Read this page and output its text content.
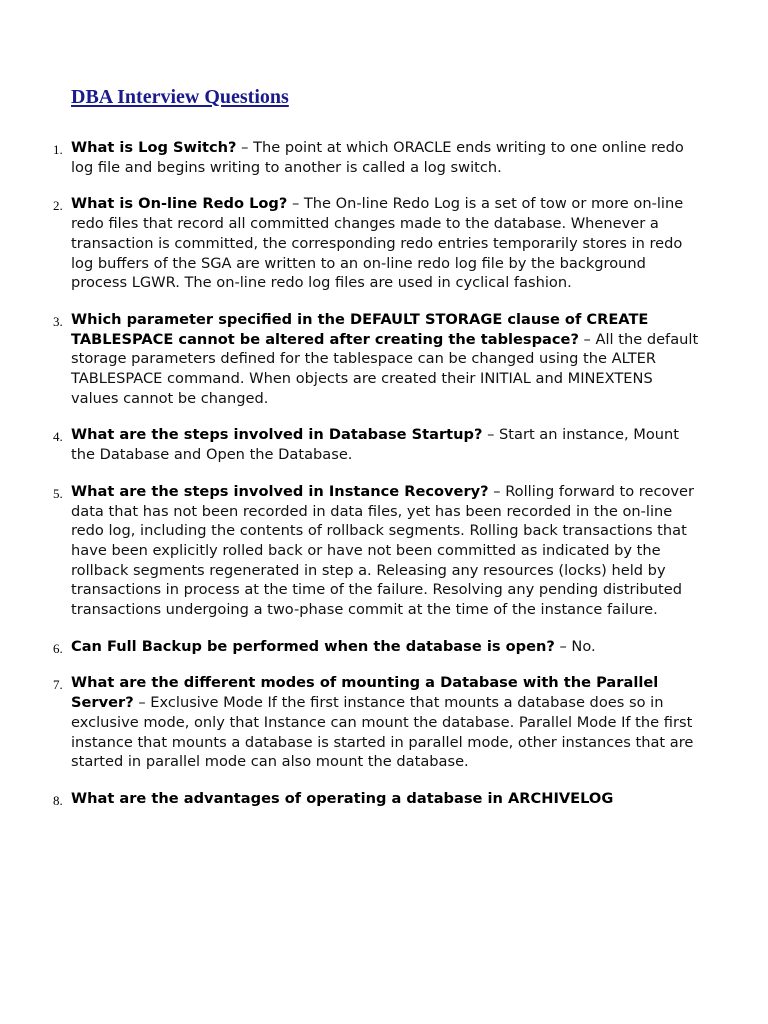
DBA Interview Questions
1. What is Log Switch? – The point at which ORACLE ends writing to one online redo log file and begins writing to another is called a log switch.

2. What is On-line Redo Log? – The On-line Redo Log is a set of tow or more on-line redo files that record all committed changes made to the database. Whenever a transaction is committed, the corresponding redo entries temporarily stores in redo log buffers of the SGA are written to an on-line redo log file by the background process LGWR. The on-line redo log files are used in cyclical fashion.

3. Which parameter specified in the DEFAULT STORAGE clause of CREATE TABLESPACE cannot be altered after creating the tablespace? – All the default storage parameters defined for the tablespace can be changed using the ALTER TABLESPACE command. When objects are created their INITIAL and MINEXTENS values cannot be changed.

4. What are the steps involved in Database Startup? – Start an instance, Mount the Database and Open the Database.

5. What are the steps involved in Instance Recovery? – Rolling forward to recover data that has not been recorded in data files, yet has been recorded in the on-line redo log, including the contents of rollback segments. Rolling back transactions that have been explicitly rolled back or have not been committed as indicated by the rollback segments regenerated in step a. Releasing any resources (locks) held by transactions in process at the time of the failure. Resolving any pending distributed transactions undergoing a two-phase commit at the time of the instance failure.

6. Can Full Backup be performed when the database is open? – No.

7. What are the different modes of mounting a Database with the Parallel Server? – Exclusive Mode If the first instance that mounts a database does so in exclusive mode, only that Instance can mount the database. Parallel Mode If the first instance that mounts a database is started in parallel mode, other instances that are started in parallel mode can also mount the database.

8. What are the advantages of operating a database in ARCHIVELOG
